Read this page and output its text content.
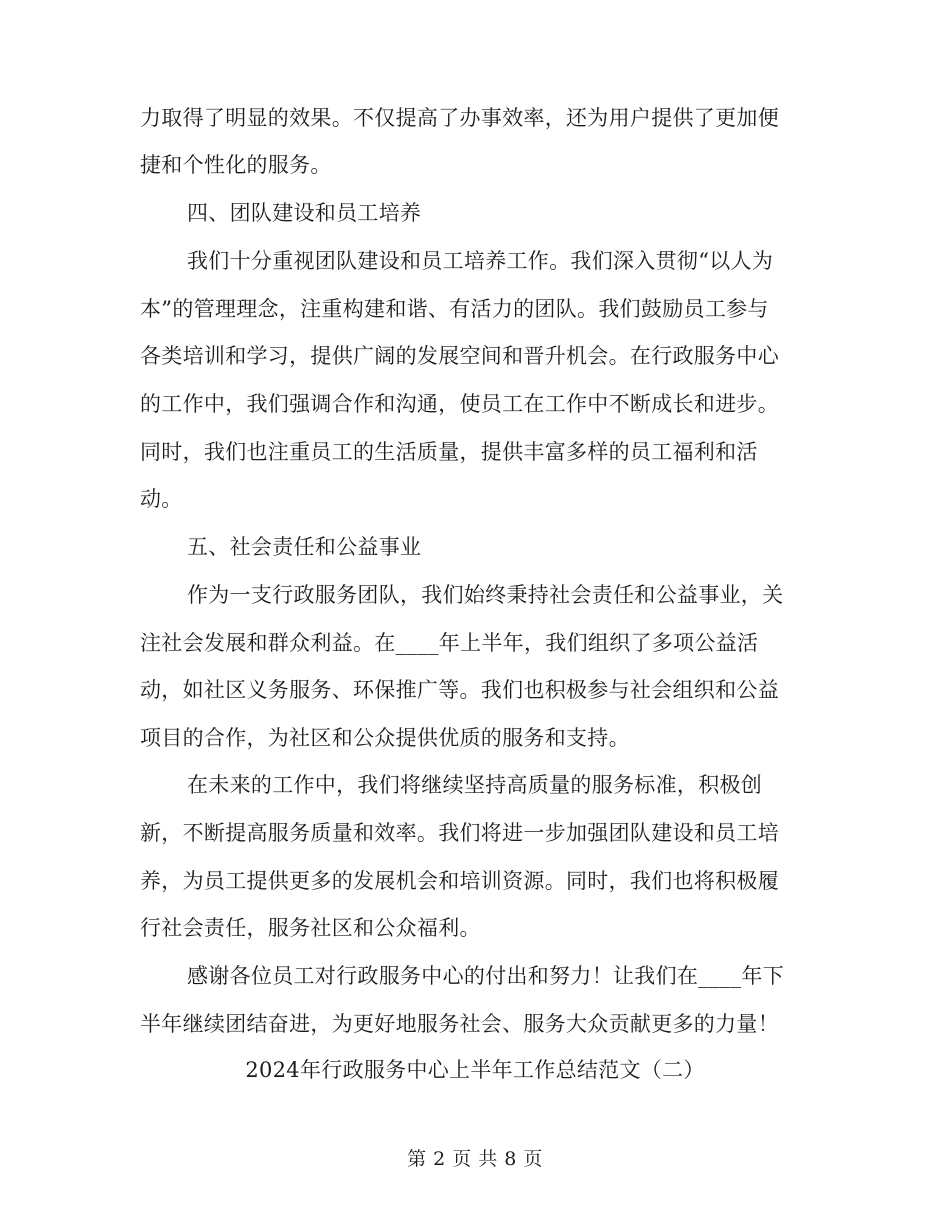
力取得了明显的效果。不仅提高了办事效率，还为用户提供了更加便
捷和个性化的服务。
四、团队建设和员工培养
我们十分重视团队建设和员工培养工作。我们深入贯彻“以人为
本”的管理理念，注重构建和谐、有活力的团队。我们鼓励员工参与
各类培训和学习，提供广阔的发展空间和晋升机会。在行政服务中心
的工作中，我们强调合作和沟通，使员工在工作中不断成长和进步。
同时，我们也注重员工的生活质量，提供丰富多样的员工福利和活
动。
五、社会责任和公益事业
作为一支行政服务团队，我们始终秉持社会责任和公益事业，关
注社会发展和群众利益。在____年上半年，我们组织了多项公益活
动，如社区义务服务、环保推广等。我们也积极参与社会组织和公益
项目的合作，为社区和公众提供优质的服务和支持。
在未来的工作中，我们将继续坚持高质量的服务标准，积极创
新，不断提高服务质量和效率。我们将进一步加强团队建设和员工培
养，为员工提供更多的发展机会和培训资源。同时，我们也将积极履
行社会责任，服务社区和公众福利。
感谢各位员工对行政服务中心的付出和努力！让我们在____年下
半年继续团结奋进，为更好地服务社会、服务大众贡献更多的力量！
2024年行政服务中心上半年工作总结范文（二）
第 2 页 共 8 页
